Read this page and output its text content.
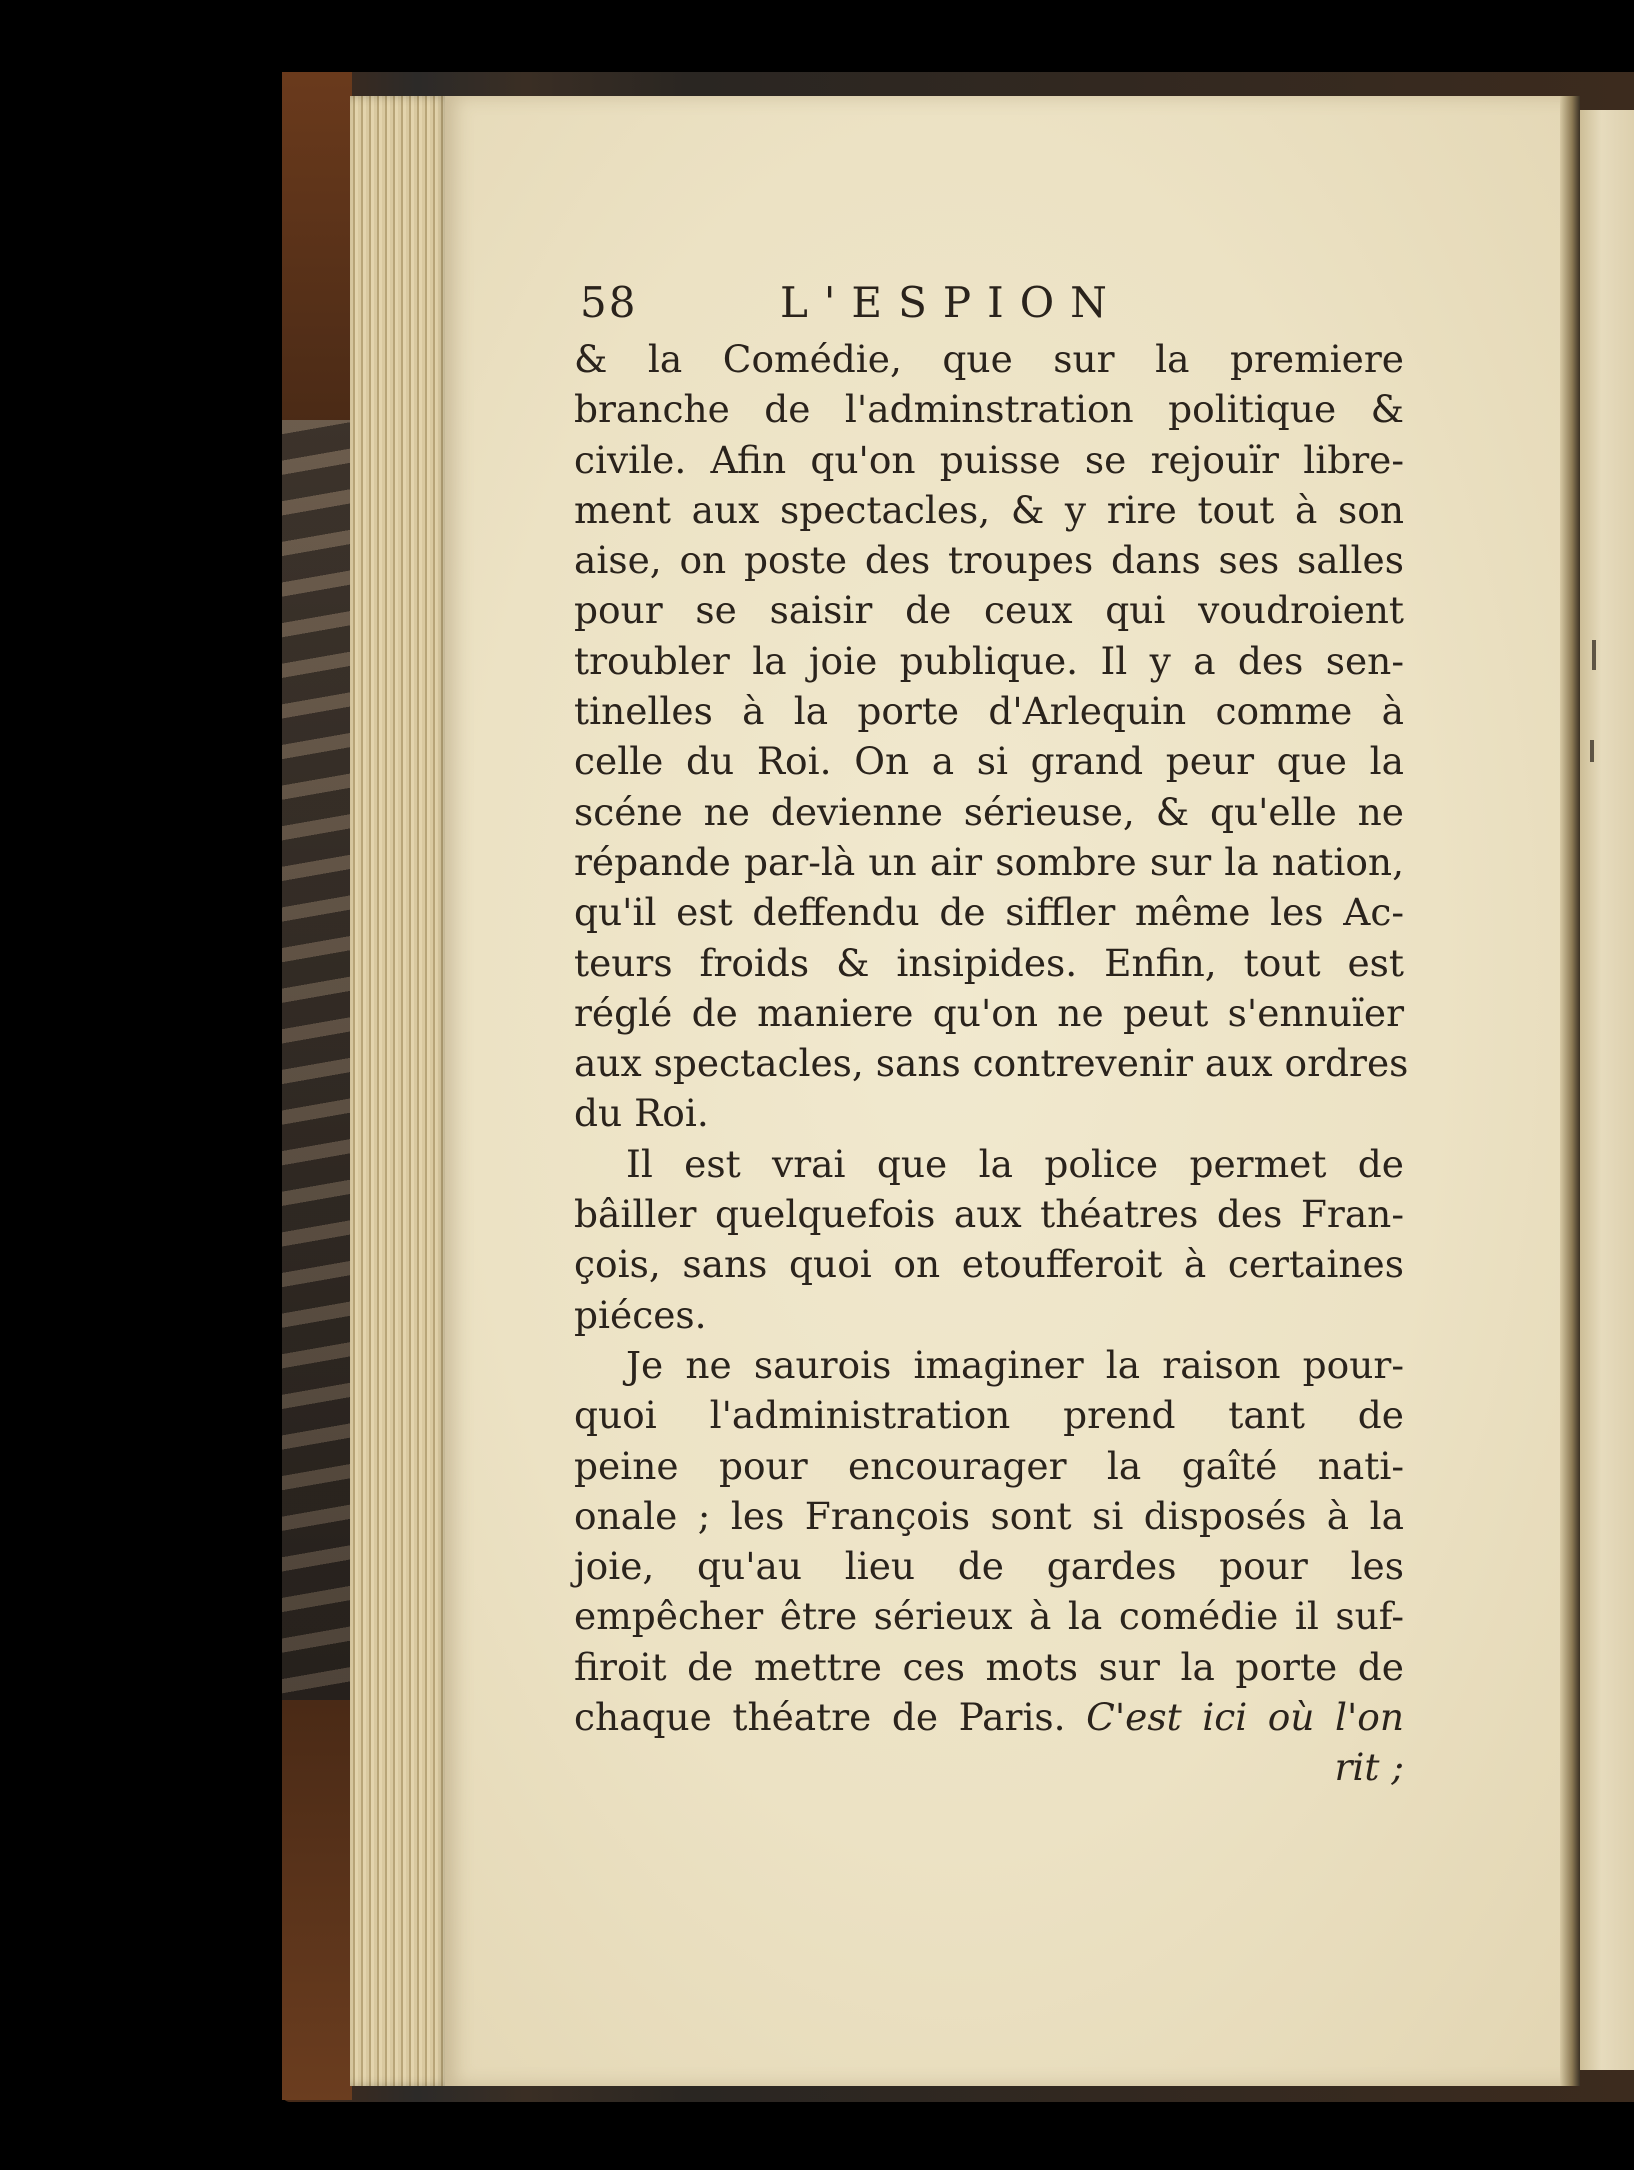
58	L'ESPION
& la Comédie, que sur la premiere
branche de l'adminstration politique &
civile. Afin qu'on puisse se rejouïr libre-
ment aux spectacles, & y rire tout à son
aise, on poste des troupes dans ses salles
pour se saisir de ceux qui voudroient
troubler la joie publique. Il y a des sen-
tinelles à la porte d'Arlequin comme à
celle du Roi. On a si grand peur que la
scéne ne devienne sérieuse, & qu'elle ne
répande par-là un air sombre sur la nation,
qu'il est deffendu de siffler même les Ac-
teurs froids & insipides. Enfin, tout est
réglé de maniere qu'on ne peut s'ennuïer
aux spectacles, sans contrevenir aux ordres
du Roi.
Il est vrai que la police permet de
bâiller quelquefois aux théatres des Fran-
çois, sans quoi on etoufferoit à certaines
piéces.
Je ne saurois imaginer la raison pour-
quoi l'administration prend tant de
peine pour encourager la gaîté nati-
onale ; les François sont si disposés à la
joie, qu'au lieu de gardes pour les
empêcher être sérieux à la comédie il suf-
firoit de mettre ces mots sur la porte de
chaque théatre de Paris. C'est ici où l'on
rit ;
